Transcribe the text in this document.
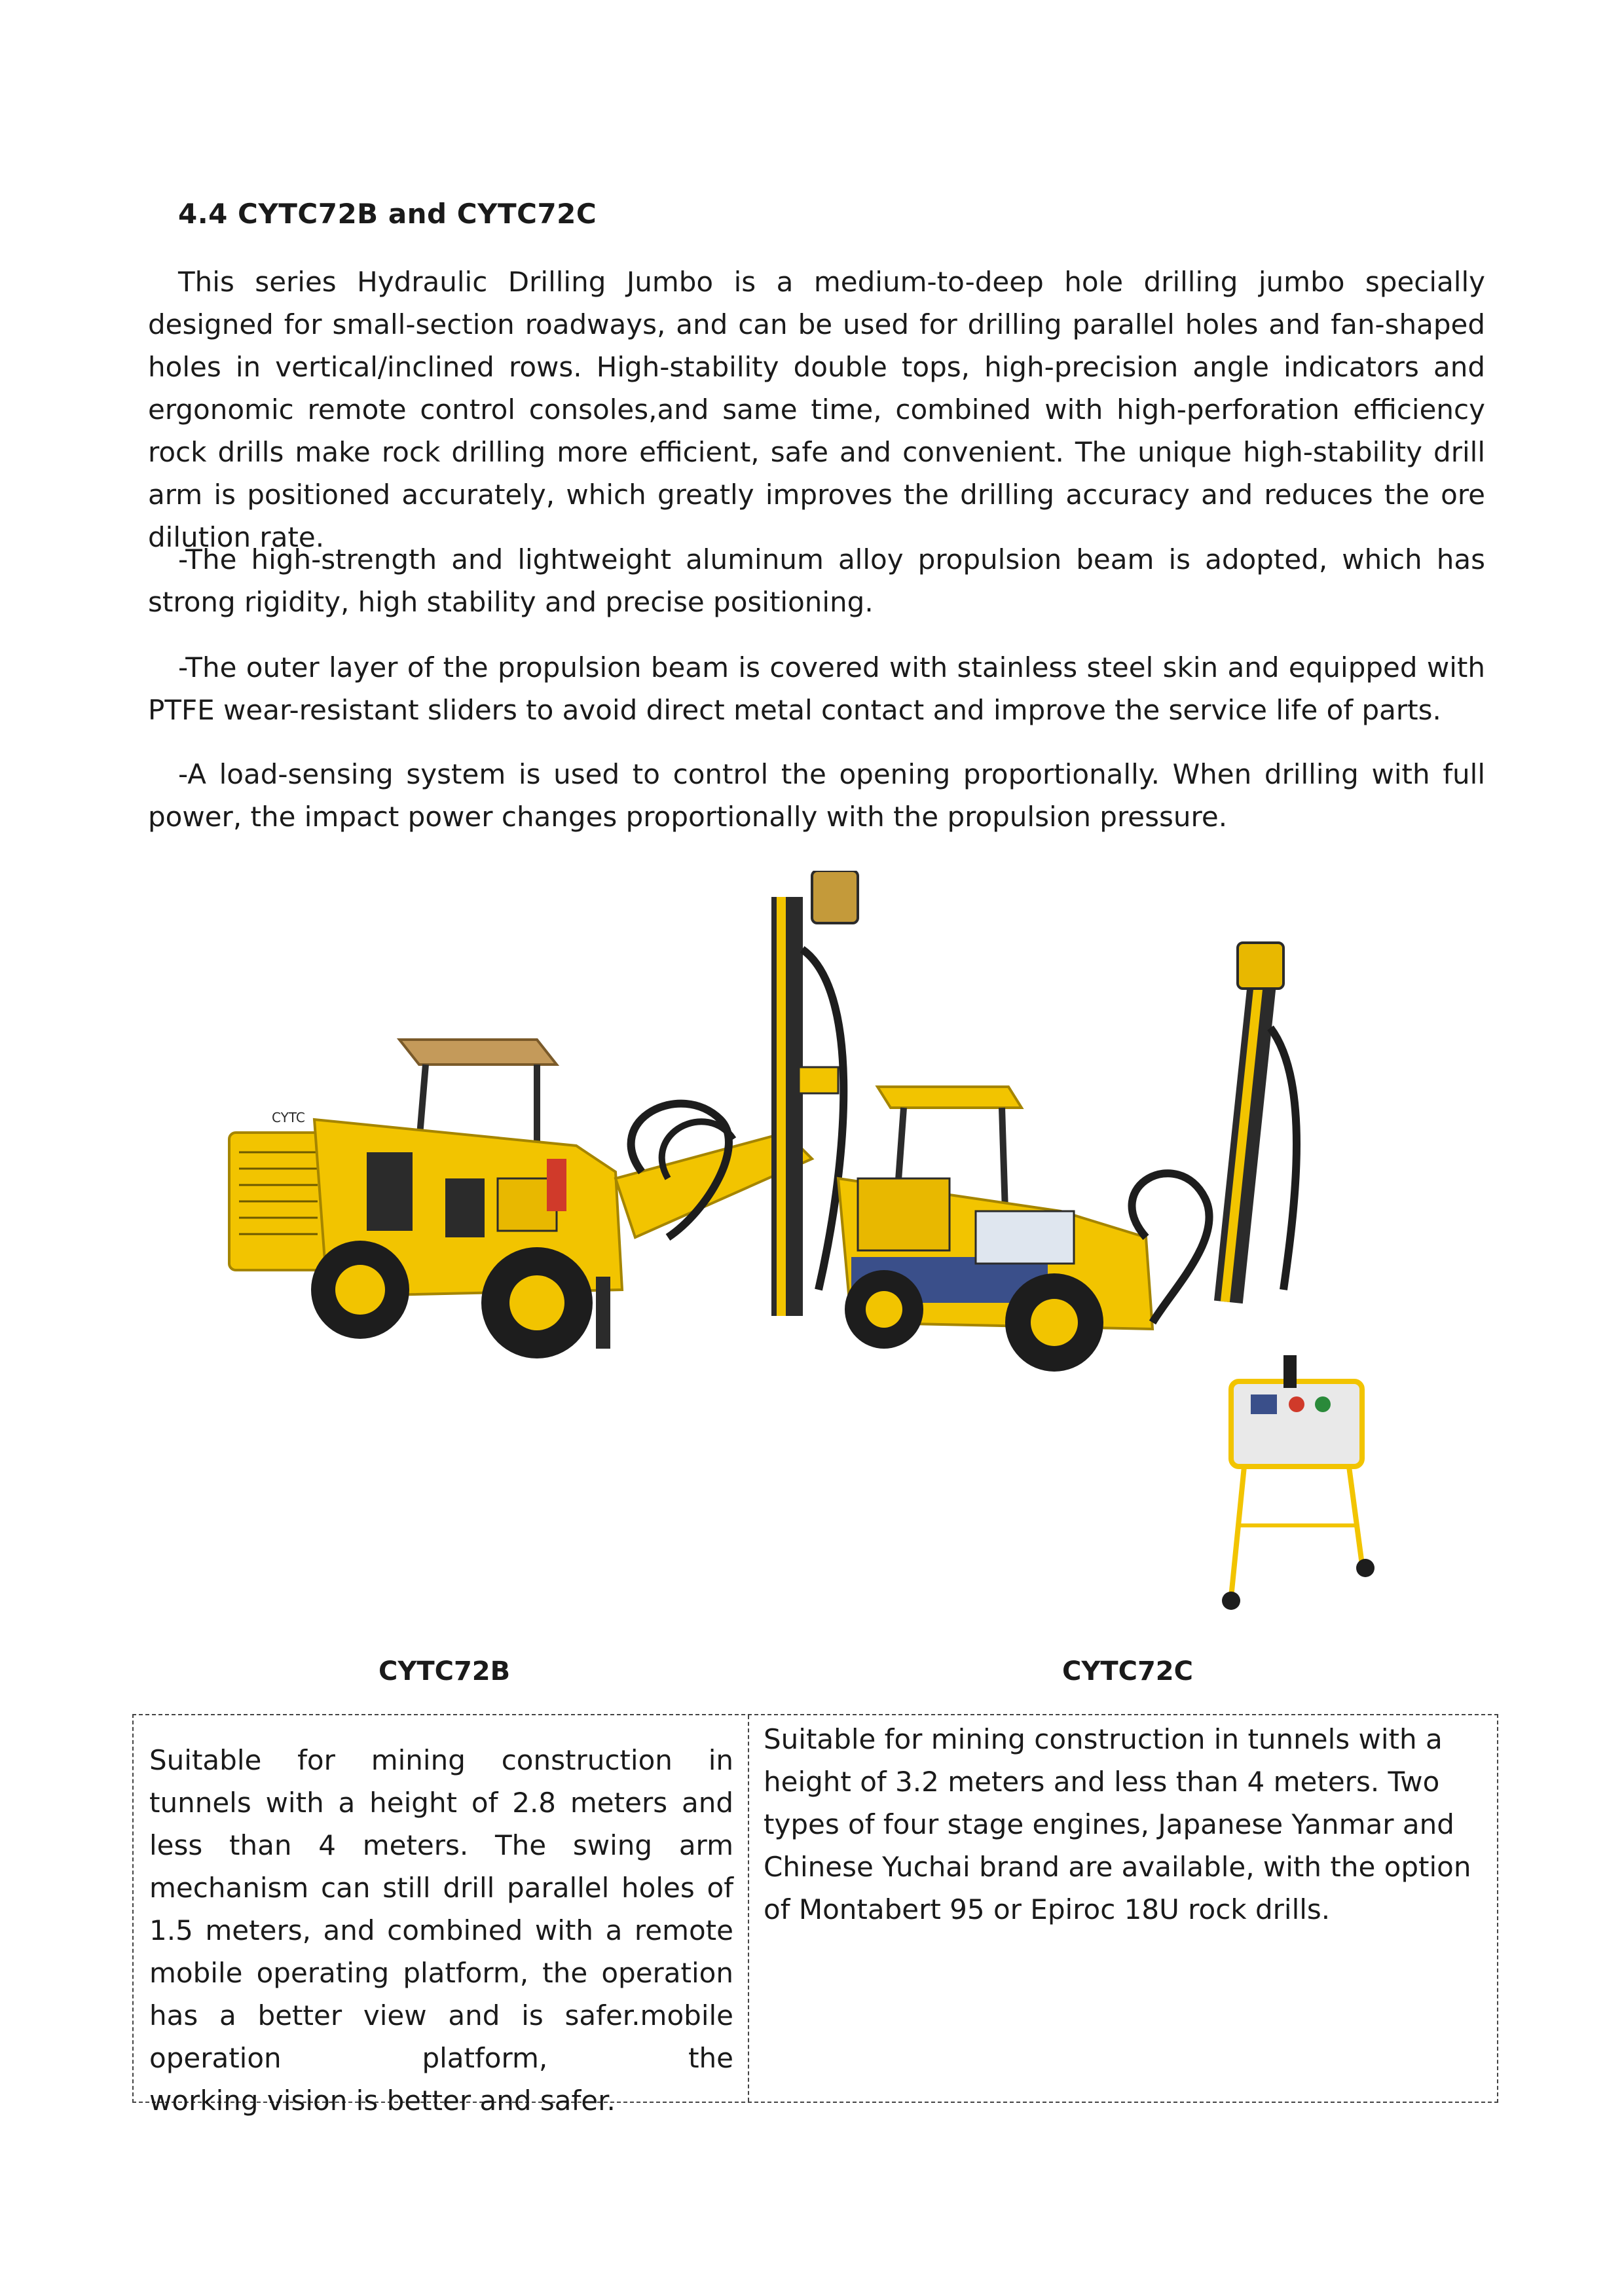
4.4 CYTC72B and CYTC72C

This series Hydraulic Drilling Jumbo is a medium-to-deep hole drilling jumbo specially designed for small-section roadways, and can be used for drilling parallel holes and fan-shaped holes in vertical/inclined rows. High-stability double tops, high-precision angle indicators and ergonomic remote control consoles,and same time, combined with high-perforation efficiency rock drills make rock drilling more efficient, safe and convenient. The unique high-stability drill arm is positioned accurately, which greatly improves the drilling accuracy and reduces the ore dilution rate.

-The high-strength and lightweight aluminum alloy propulsion beam is adopted, which has strong rigidity, high stability and precise positioning.

-The outer layer of the propulsion beam is covered with stainless steel skin and equipped with PTFE wear-resistant sliders to avoid direct metal contact and improve the service life of parts.

-A load-sensing system is used to control the opening proportionally. When drilling with full power, the impact power changes proportionally with the propulsion pressure.

CYTC
CYTC72B	CYTC72C
Suitable for mining construction in tunnels with a height of 2.8 meters and less than 4 meters. The swing arm mechanism can still drill parallel holes of 1.5 meters, and combined with a remote mobile operating platform, the operation has a better view and is safer.mobile operation platform, the
working vision is better and safer.
Suitable for mining construction in tunnels with a height of 3.2 meters and less than 4 meters. Two types of four stage engines, Japanese Yanmar and Chinese Yuchai brand are available, with the option of Montabert 95 or Epiroc 18U rock drills.
